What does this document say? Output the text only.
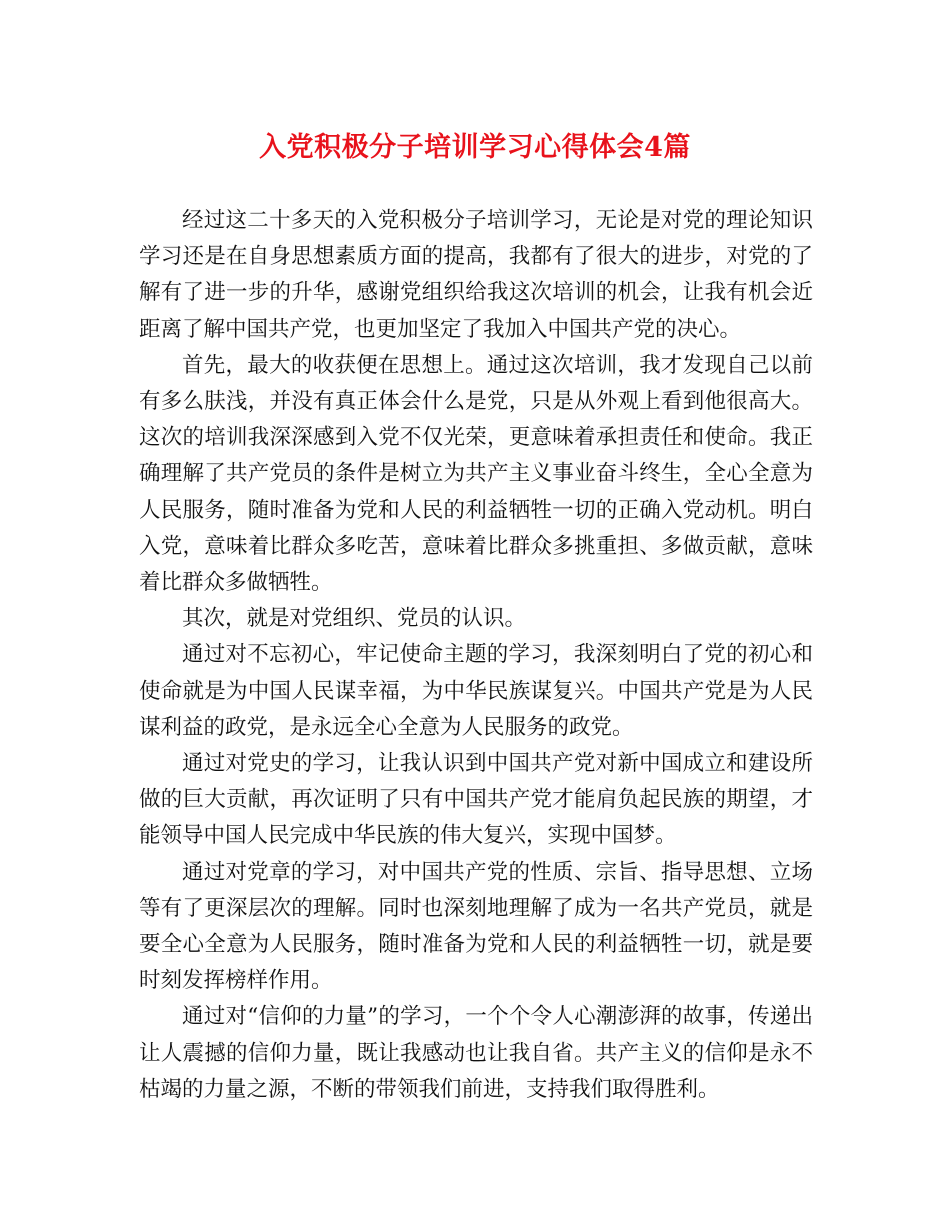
入党积极分子培训学习心得体会4篇

经过这二十多天的入党积极分子培训学习，无论是对党的理论知识学习还是在自身思想素质方面的提高，我都有了很大的进步，对党的了解有了进一步的升华，感谢党组织给我这次培训的机会，让我有机会近距离了解中国共产党，也更加坚定了我加入中国共产党的决心。

首先，最大的收获便在思想上。通过这次培训，我才发现自己以前有多么肤浅，并没有真正体会什么是党，只是从外观上看到他很高大。这次的培训我深深感到入党不仅光荣，更意味着承担责任和使命。我正确理解了共产党员的条件是树立为共产主义事业奋斗终生，全心全意为人民服务，随时准备为党和人民的利益牺牲一切的正确入党动机。明白入党，意味着比群众多吃苦，意味着比群众多挑重担、多做贡献，意味着比群众多做牺牲。

其次，就是对党组织、党员的认识。

通过对不忘初心，牢记使命主题的学习，我深刻明白了党的初心和使命就是为中国人民谋幸福，为中华民族谋复兴。中国共产党是为人民谋利益的政党，是永远全心全意为人民服务的政党。

通过对党史的学习，让我认识到中国共产党对新中国成立和建设所做的巨大贡献，再次证明了只有中国共产党才能肩负起民族的期望，才能领导中国人民完成中华民族的伟大复兴，实现中国梦。

通过对党章的学习，对中国共产党的性质、宗旨、指导思想、立场等有了更深层次的理解。同时也深刻地理解了成为一名共产党员，就是要全心全意为人民服务，随时准备为党和人民的利益牺牲一切，就是要时刻发挥榜样作用。

通过对“信仰的力量”的学习，一个个令人心潮澎湃的故事，传递出让人震撼的信仰力量，既让我感动也让我自省。共产主义的信仰是永不枯竭的力量之源，不断的带领我们前进，支持我们取得胜利。
